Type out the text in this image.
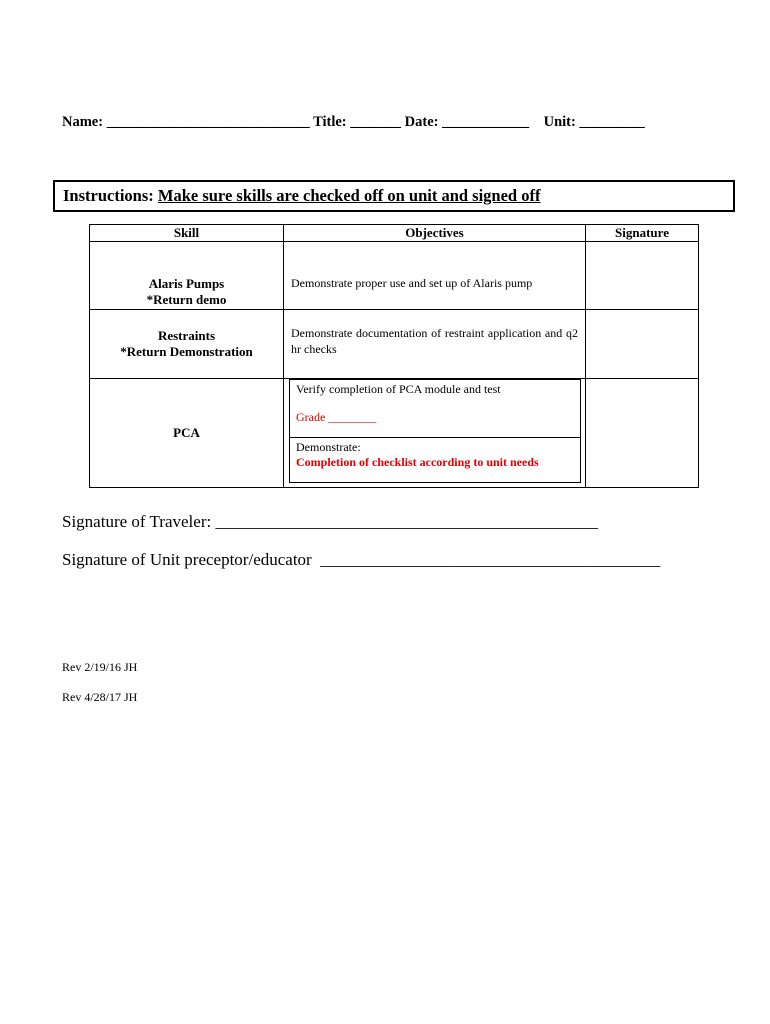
Name: ____________________________ Title: _______ Date: ____________ Unit: _________
Instructions: Make sure skills are checked off on unit and signed off
Skill	Objectives	Signature

Alaris Pumps
*Return demo	Demonstrate proper use and set up of Alaris pump	

Restraints
*Return Demonstration	Demonstrate documentation of restraint application and q2 hr checks	

PCA	Verify completion of PCA module and test
Grade ________
Demonstrate:
Completion of checklist according to unit needs	

Signature of Traveler: _____________________________________________
Signature of Unit preceptor/educator  ________________________________________
Rev 2/19/16 JH
Rev 4/28/17 JH
